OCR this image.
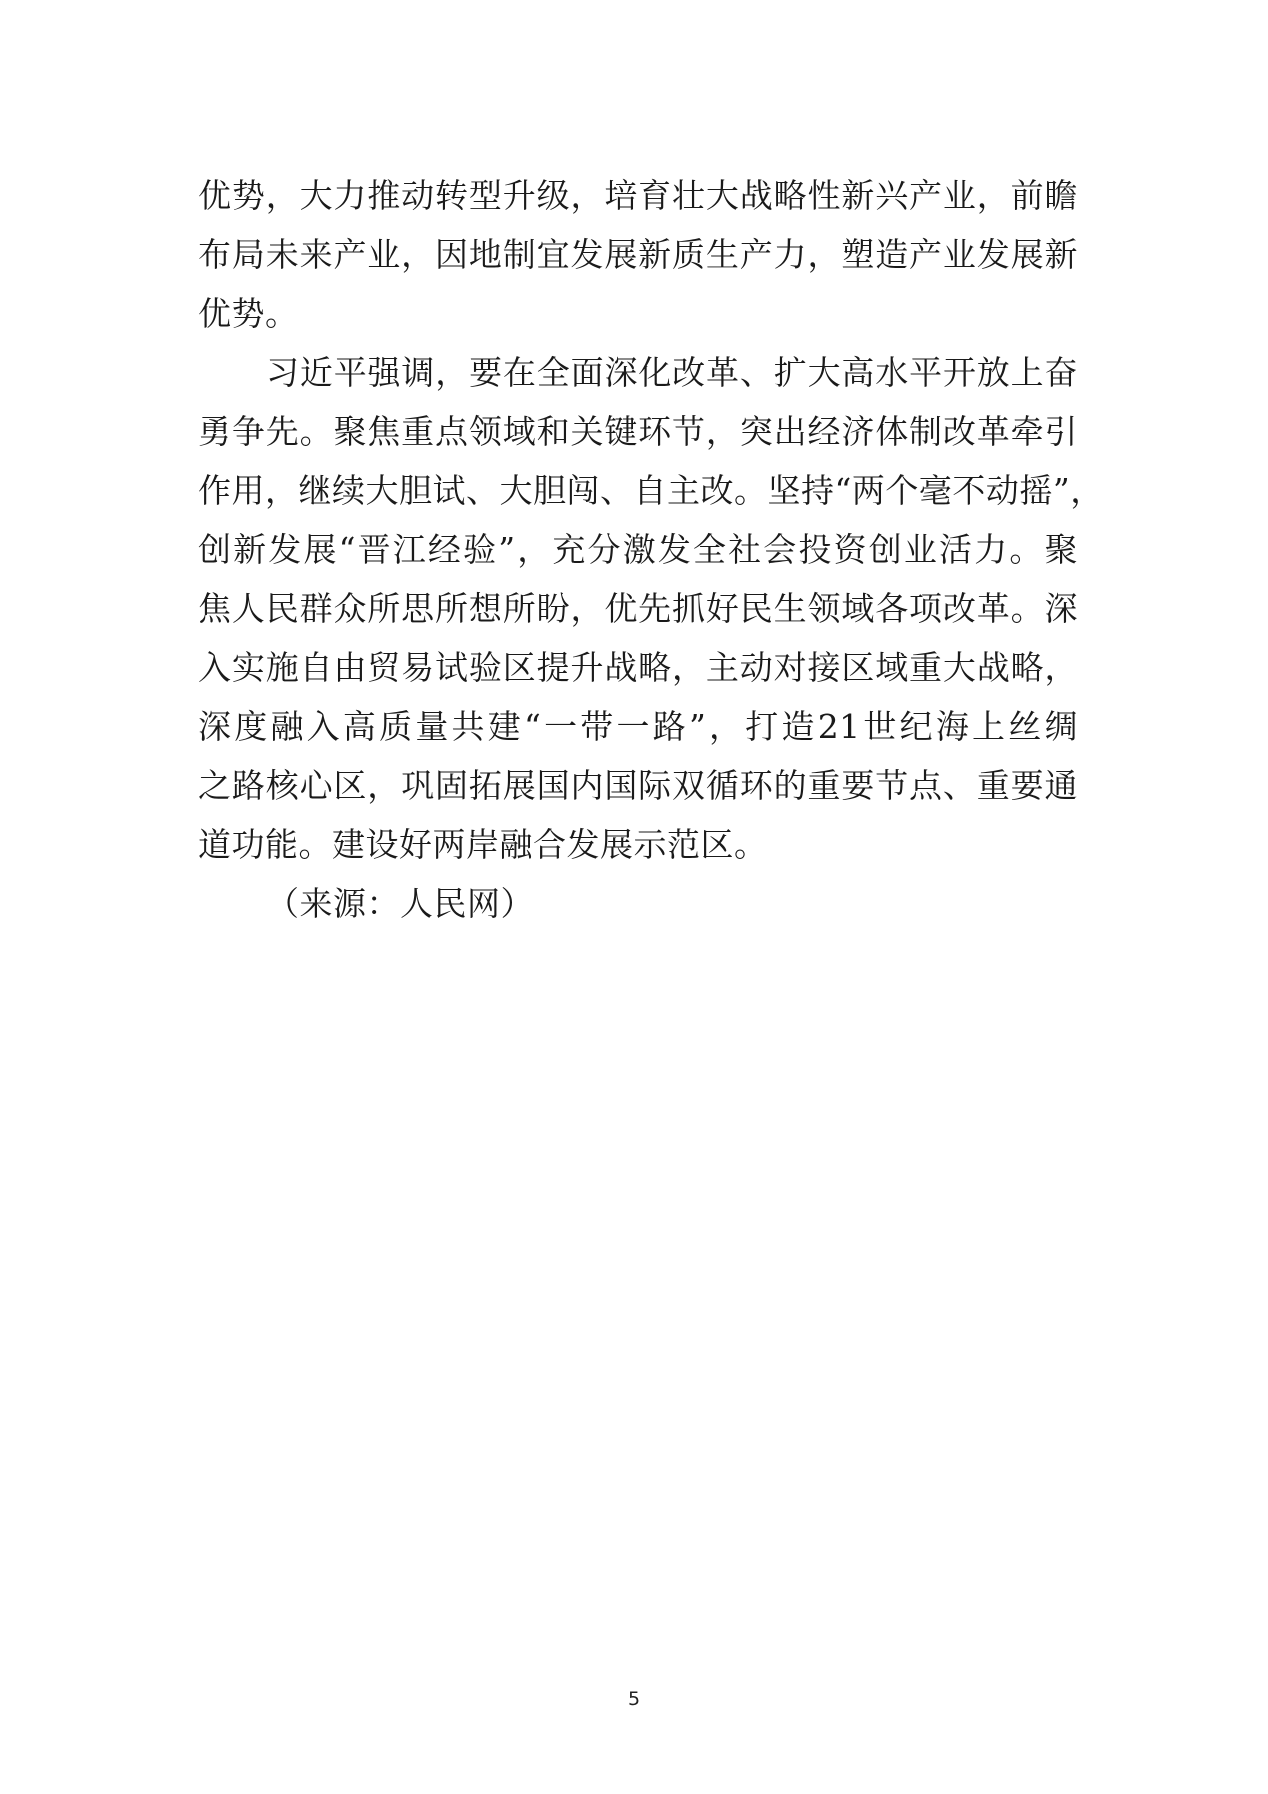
优势，大力推动转型升级，培育壮大战略性新兴产业，前瞻
布局未来产业，因地制宜发展新质生产力，塑造产业发展新
优势。
习近平强调，要在全面深化改革、扩大高水平开放上奋
勇争先。聚焦重点领域和关键环节，突出经济体制改革牵引
作用，继续大胆试、大胆闯、自主改。坚持“两个毫不动摇”，
创新发展“晋江经验”，充分激发全社会投资创业活力。聚
焦人民群众所思所想所盼，优先抓好民生领域各项改革。深
入实施自由贸易试验区提升战略，主动对接区域重大战略，
深度融入高质量共建“一带一路”，打造21世纪海上丝绸
之路核心区，巩固拓展国内国际双循环的重要节点、重要通
道功能。建设好两岸融合发展示范区。
（来源：人民网）
5
